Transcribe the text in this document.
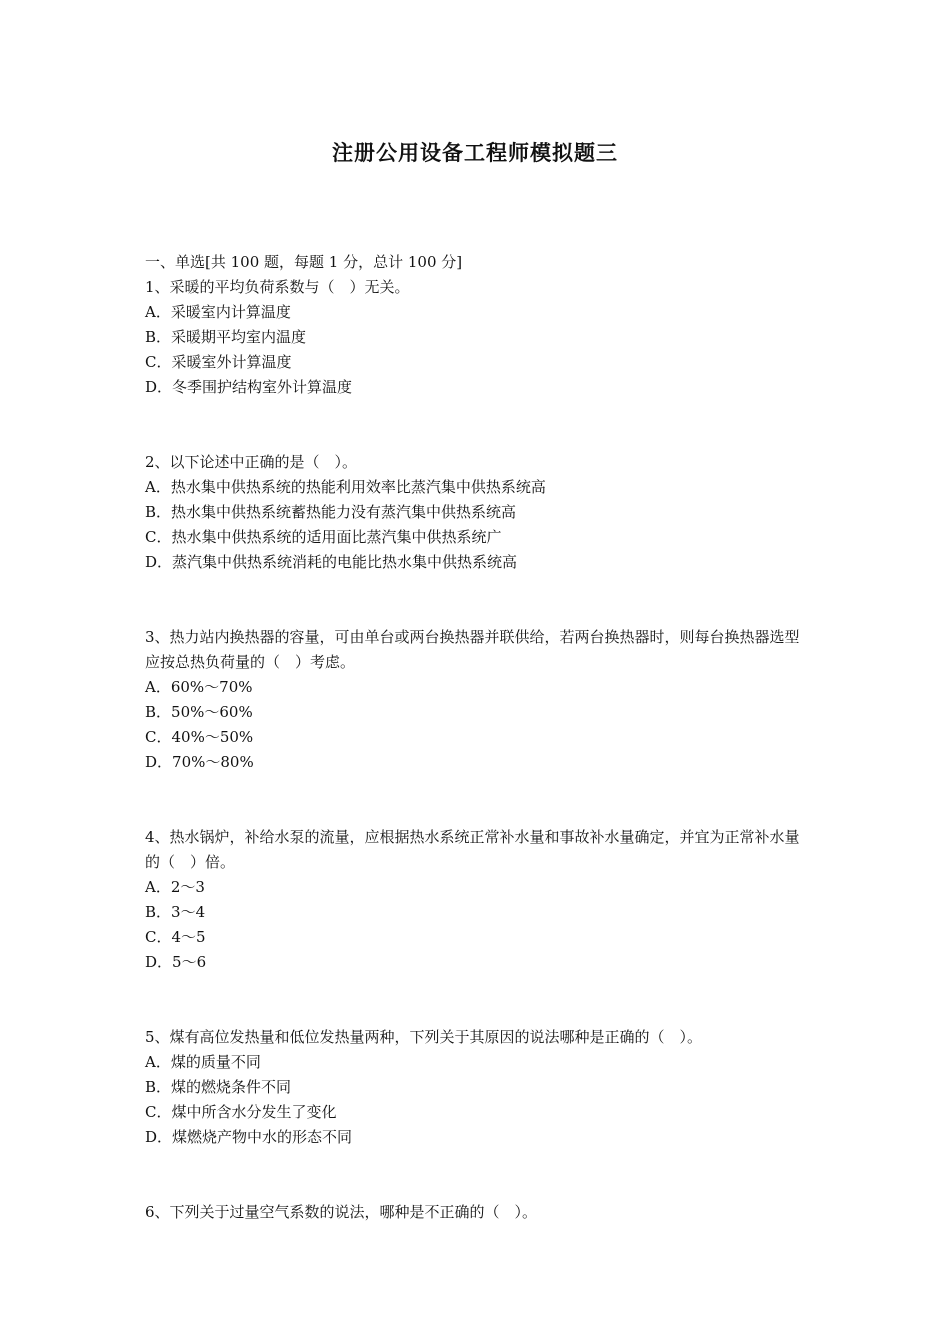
注册公用设备工程师模拟题三

一、单选[共 100 题，每题 1 分，总计 100 分]

1、采暖的平均负荷系数与（　）无关。

A．采暖室内计算温度

B．采暖期平均室内温度

C．采暖室外计算温度

D．冬季围护结构室外计算温度

2、以下论述中正确的是（　）。

A．热水集中供热系统的热能利用效率比蒸汽集中供热系统高

B．热水集中供热系统蓄热能力没有蒸汽集中供热系统高

C．热水集中供热系统的适用面比蒸汽集中供热系统广

D．蒸汽集中供热系统消耗的电能比热水集中供热系统高

3、热力站内换热器的容量，可由单台或两台换热器并联供给，若两台换热器时，则每台换热器选型应按总热负荷量的（　）考虑。

A．60%～70%

B．50%～60%

C．40%～50%

D．70%～80%

4、热水锅炉，补给水泵的流量，应根据热水系统正常补水量和事故补水量确定，并宜为正常补水量的（　）倍。

A．2～3

B．3～4

C．4～5

D．5～6

5、煤有高位发热量和低位发热量两种，下列关于其原因的说法哪种是正确的（　）。

A．煤的质量不同

B．煤的燃烧条件不同

C．煤中所含水分发生了变化

D．煤燃烧产物中水的形态不同

6、下列关于过量空气系数的说法，哪种是不正确的（　）。
